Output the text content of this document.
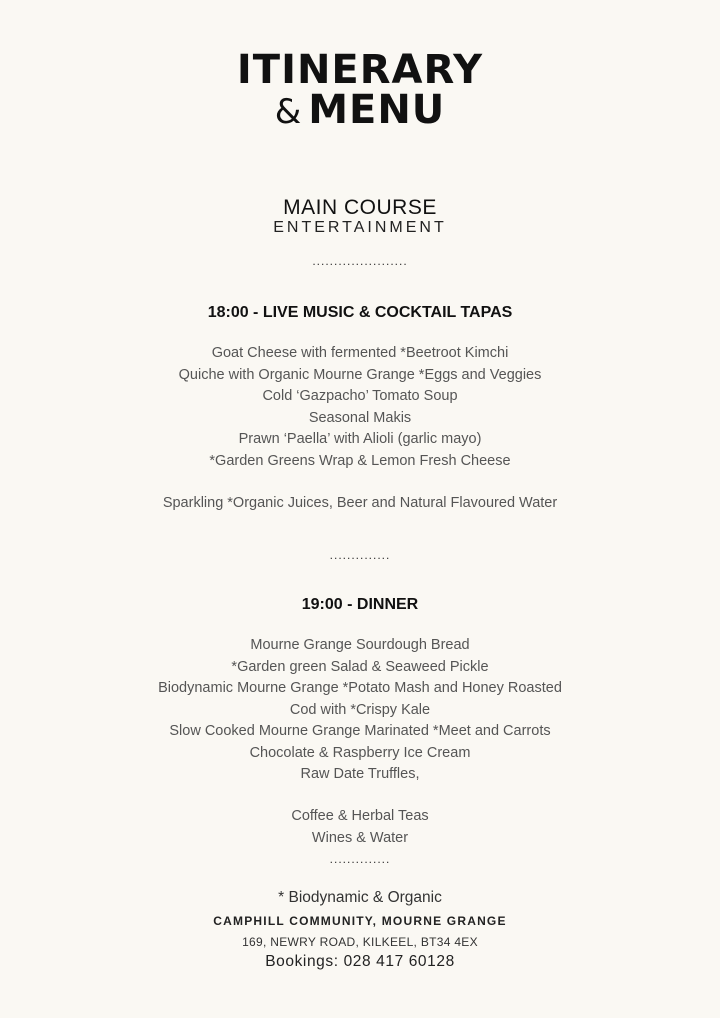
ITINERARY
& MENU
MAIN COURSE
ENTERTAINMENT
......................
18:00 - LIVE MUSIC & COCKTAIL TAPAS
Goat Cheese with fermented *Beetroot Kimchi
Quiche with Organic Mourne Grange *Eggs and Veggies
Cold ‘Gazpacho’ Tomato Soup
Seasonal Makis
Prawn ‘Paella’ with Alioli (garlic mayo)
*Garden Greens Wrap & Lemon Fresh Cheese
Sparkling *Organic Juices, Beer and Natural Flavoured Water
..............
19:00 - DINNER
Mourne Grange Sourdough Bread
*Garden green Salad & Seaweed Pickle
Biodynamic Mourne Grange *Potato Mash and Honey Roasted
Cod with *Crispy Kale
Slow Cooked Mourne Grange Marinated *Meet and Carrots
Chocolate & Raspberry Ice Cream
Raw Date Truffles,
Coffee & Herbal Teas
Wines & Water
..............
* Biodynamic & Organic
CAMPHILL COMMUNITY, MOURNE GRANGE
169, NEWRY ROAD, KILKEEL, BT34 4EX
Bookings: 028 417 60128
